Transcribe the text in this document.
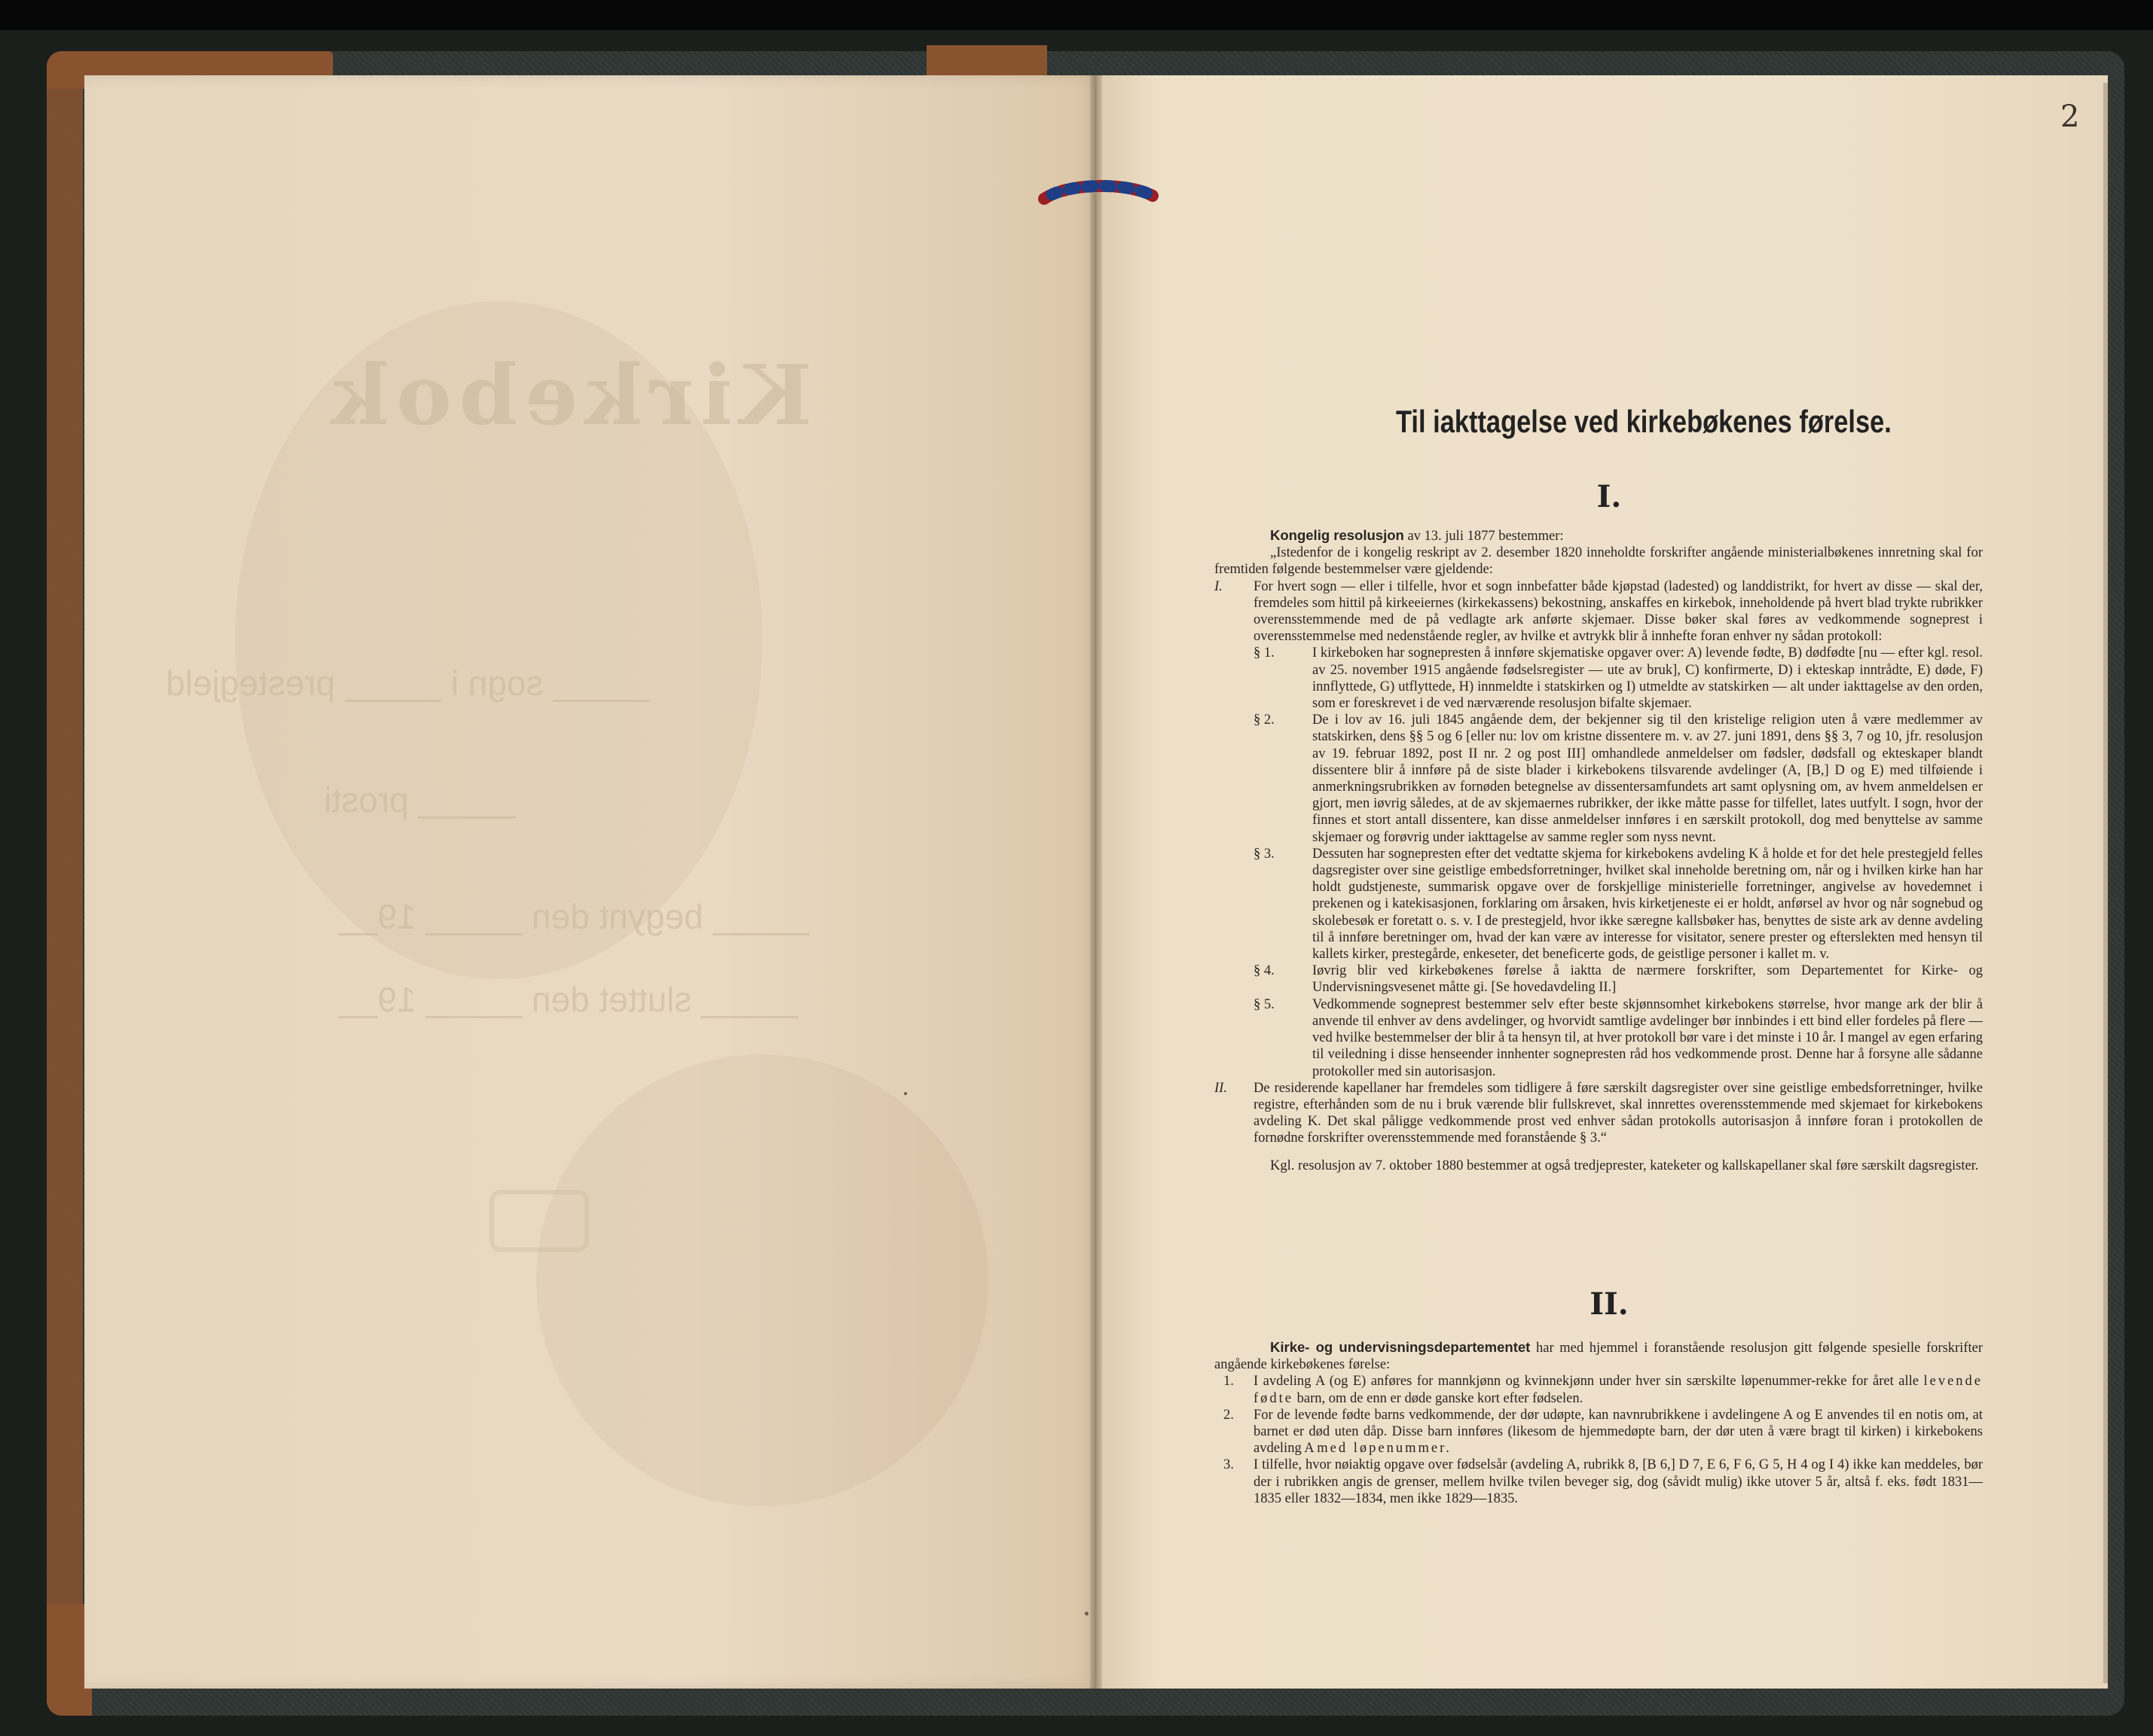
Kirkebok
_____ sogn i _____ prestegjeld
_____ prosti
_____ begynt den _____ 19__
_____ sluttet den _____ 19__
2
Til iakttagelse ved kirkebøkenes førelse.
I.

Kongelig resolusjon av 13. juli 1877 bestemmer:

„Istedenfor de i kongelig reskript av 2. desember 1820 inneholdte forskrifter angående ministerialbøkenes innretning skal for fremtiden følgende bestemmelser være gjeldende:

I. For hvert sogn — eller i tilfelle, hvor et sogn innbefatter både kjøpstad (ladested) og landdistrikt, for hvert av disse — skal der, fremdeles som hittil på kirkeeiernes (kirkekassens) bekostning, anskaffes en kirkebok, inneholdende på hvert blad trykte rubrikker overensstemmende med de på vedlagte ark anførte skjemaer. Disse bøker skal føres av vedkommende sogneprest i overensstemmelse med nedenstående regler, av hvilke et avtrykk blir å innhefte foran enhver ny sådan protokoll:

§ 1.	I kirkeboken har sognepresten å innføre skjematiske opgaver over: A) levende fødte, B) dødfødte [nu — efter kgl. resol. av 25. november 1915 angående fødselsregister — ute av bruk], C) konfirmerte, D) i ekteskap inntrådte, E) døde, F) innflyttede, G) utflyttede, H) innmeldte i statskirken og I) utmeldte av statskirken — alt under iakttagelse av den orden, som er foreskrevet i de ved nærværende resolusjon bifalte skjemaer.

§ 2.	De i lov av 16. juli 1845 angående dem, der bekjenner sig til den kristelige religion uten å være medlemmer av statskirken, dens §§ 5 og 6 [eller nu: lov om kristne dissentere m. v. av 27. juni 1891, dens §§ 3, 7 og 10, jfr. resolusjon av 19. februar 1892, post II nr. 2 og post III] omhandlede anmeldelser om fødsler, dødsfall og ekteskaper blandt dissentere blir å innføre på de siste blader i kirkebokens tilsvarende avdelinger (A, [B,] D og E) med tilføiende i anmerkningsrubrikken av fornøden betegnelse av dissentersamfundets art samt oplysning om, av hvem anmeldelsen er gjort, men iøvrig således, at de av skjemaernes rubrikker, der ikke måtte passe for tilfellet, lates uutfylt. I sogn, hvor der finnes et stort antall dissentere, kan disse anmeldelser innføres i en særskilt protokoll, dog med benyttelse av samme skjemaer og forøvrig under iakttagelse av samme regler som nyss nevnt.

§ 3.	Dessuten har sognepresten efter det vedtatte skjema for kirkebokens avdeling K å holde et for det hele prestegjeld felles dagsregister over sine geistlige embedsforretninger, hvilket skal inneholde beretning om, når og i hvilken kirke han har holdt gudstjeneste, summarisk opgave over de forskjellige ministerielle forretninger, angivelse av hovedemnet i prekenen og i katekisasjonen, forklaring om årsaken, hvis kirketjeneste ei er holdt, anførsel av hvor og når sognebud og skolebesøk er foretatt o. s. v. I de prestegjeld, hvor ikke særegne kallsbøker has, benyttes de siste ark av denne avdeling til å innføre beretninger om, hvad der kan være av interesse for visitator, senere prester og efterslekten med hensyn til kallets kirker, prestegårde, enkeseter, det beneficerte gods, de geistlige personer i kallet m. v.

§ 4.	Iøvrig blir ved kirkebøkenes førelse å iaktta de nærmere forskrifter, som Departementet for Kirke- og Undervisningsvesenet måtte gi. [Se hovedavdeling II.]

§ 5.	Vedkommende sogneprest bestemmer selv efter beste skjønnsomhet kirkebokens størrelse, hvor mange ark der blir å anvende til enhver av dens avdelinger, og hvorvidt samtlige avdelinger bør innbindes i ett bind eller fordeles på flere — ved hvilke bestemmelser der blir å ta hensyn til, at hver protokoll bør vare i det minste i 10 år. I mangel av egen erfaring til veiledning i disse henseender innhenter sognepresten råd hos vedkommende prost. Denne har å forsyne alle sådanne protokoller med sin autorisasjon.

II. De residerende kapellaner har fremdeles som tidligere å føre særskilt dagsregister over sine geistlige embedsforretninger, hvilke registre, efterhånden som de nu i bruk værende blir fullskrevet, skal innrettes overensstemmende med skjemaet for kirkebokens avdeling K. Det skal påligge vedkommende prost ved enhver sådan protokolls autorisasjon å innføre foran i protokollen de fornødne forskrifter overensstemmende med foranstående § 3.“

Kgl. resolusjon av 7. oktober 1880 bestemmer at også tredjeprester, kateketer og kallskapellaner skal føre særskilt dagsregister.

II.

Kirke- og undervisningsdepartementet har med hjemmel i foranstående resolusjon gitt følgende spesielle forskrifter angående kirkebøkenes førelse:

1. I avdeling A (og E) anføres for mannkjønn og kvinnekjønn under hver sin særskilte løpenummer-rekke for året alle levende fødte barn, om de enn er døde ganske kort efter fødselen.

2. For de levende fødte barns vedkommende, der dør udøpte, kan navnrubrikkene i avdelingene A og E anvendes til en notis om, at barnet er død uten dåp. Disse barn innføres (likesom de hjemmedøpte barn, der dør uten å være bragt til kirken) i kirkebokens avdeling A med løpenummer.

3. I tilfelle, hvor nøiaktig opgave over fødselsår (avdeling A, rubrikk 8, [B 6,] D 7, E 6, F 6, G 5, H 4 og I 4) ikke kan meddeles, bør der i rubrikken angis de grenser, mellem hvilke tvilen beveger sig, dog (såvidt mulig) ikke utover 5 år, altså f. eks. født 1831—1835 eller 1832—1834, men ikke 1829—1835.
